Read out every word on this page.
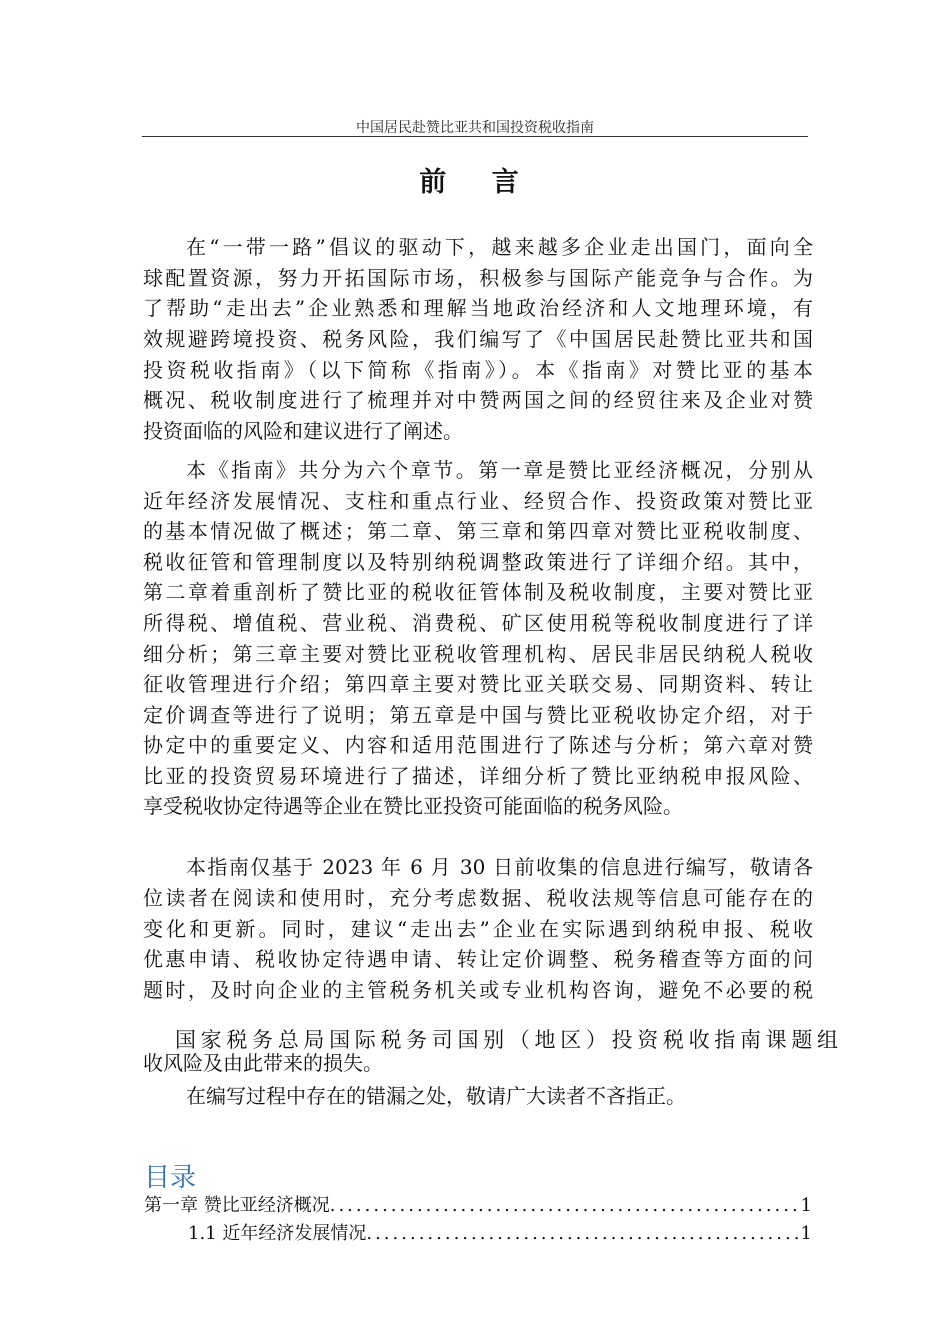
中国居民赴赞比亚共和国投资税收指南
前 言
在“一带一路”倡议的驱动下，越来越多企业走出国门，面向全
球配置资源，努力开拓国际市场，积极参与国际产能竞争与合作。为
了帮助“走出去”企业熟悉和理解当地政治经济和人文地理环境，有
效规避跨境投资、税务风险，我们编写了《中国居民赴赞比亚共和国
投资税收指南》（以下简称《指南》）。本《指南》对赞比亚的基本
概况、税收制度进行了梳理并对中赞两国之间的经贸往来及企业对赞
投资面临的风险和建议进行了阐述。
本《指南》共分为六个章节。第一章是赞比亚经济概况，分别从
近年经济发展情况、支柱和重点行业、经贸合作、投资政策对赞比亚
的基本情况做了概述；第二章、第三章和第四章对赞比亚税收制度、
税收征管和管理制度以及特别纳税调整政策进行了详细介绍。其中，
第二章着重剖析了赞比亚的税收征管体制及税收制度，主要对赞比亚
所得税、增值税、营业税、消费税、矿区使用税等税收制度进行了详
细分析；第三章主要对赞比亚税收管理机构、居民非居民纳税人税收
征收管理进行介绍；第四章主要对赞比亚关联交易、同期资料、转让
定价调查等进行了说明；第五章是中国与赞比亚税收协定介绍，对于
协定中的重要定义、内容和适用范围进行了陈述与分析；第六章对赞
比亚的投资贸易环境进行了描述，详细分析了赞比亚纳税申报风险、
享受税收协定待遇等企业在赞比亚投资可能面临的税务风险。
本指南仅基于 2023 年 6 月 30 日前收集的信息进行编写，敬请各
位读者在阅读和使用时，充分考虑数据、税收法规等信息可能存在的
变化和更新。同时，建议“走出去”企业在实际遇到纳税申报、税收
优惠申请、税收协定待遇申请、转让定价调整、税务稽查等方面的问
题时，及时向企业的主管税务机关或专业机构咨询，避免不必要的税
国家税务总局国际税务司国别（地区）投资税收指南课题组
收风险及由此带来的损失。
在编写过程中存在的错漏之处，敬请广大读者不吝指正。
目录
第一章 赞比亚经济概况 .....	1
1.1 近年经济发展情况 .....	1
